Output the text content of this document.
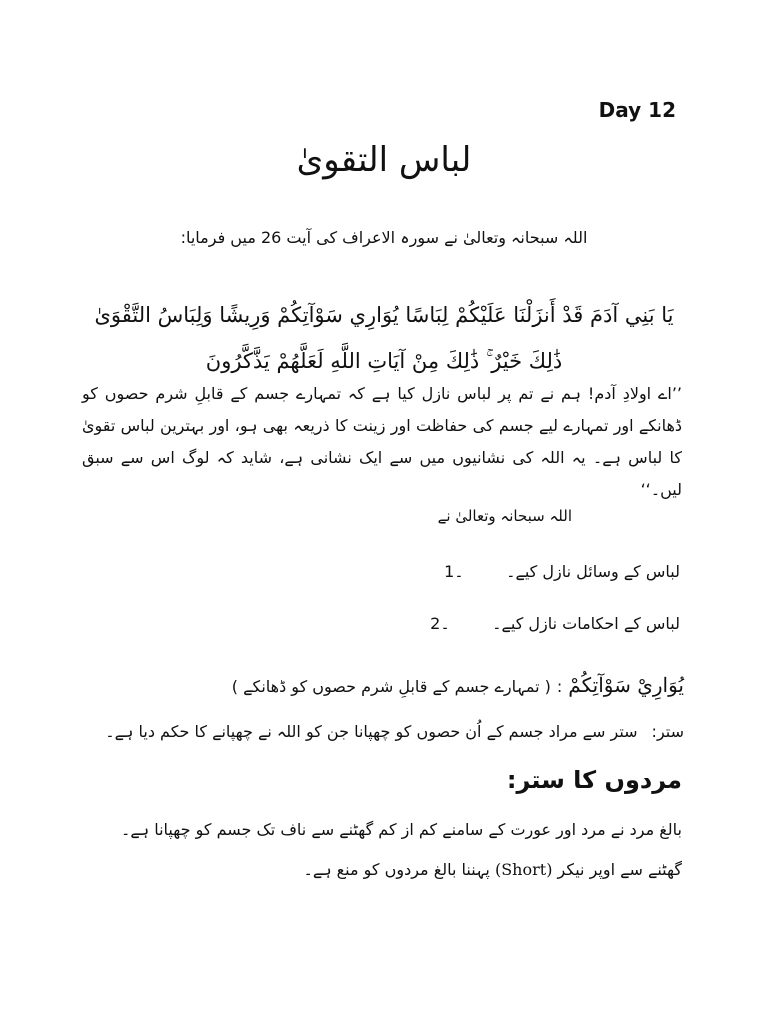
Day 12
لباس التقویٰ
اللہ سبحانہ وتعالیٰ نے سورہ الاعراف کی آیت 26 میں فرمایا:
يَا بَنِي آدَمَ قَدْ أَنزَلْنَا عَلَيْكُمْ لِبَاسًا يُوَارِي سَوْآتِكُمْ وَرِيشًا وَلِبَاسُ التَّقْوَىٰ ذَٰلِكَ خَيْرٌ ۚ ذَٰلِكَ مِنْ آيَاتِ اللَّهِ لَعَلَّهُمْ يَذَّكَّرُونَ
’’اے اولادِ آدم! ہم نے تم پر لباس نازل کیا ہے کہ تمہارے جسم کے قابلِ شرم حصوں کو ڈھانکے اور تمہارے لیے جسم کی حفاظت اور زینت کا ذریعہ بھی ہو، اور بہترین لباس تقویٰ کا لباس ہے۔ یہ اللہ کی نشانیوں میں سے ایک نشانی ہے، شاید کہ لوگ اس سے سبق لیں۔‘‘
اللہ سبحانہ وتعالیٰ نے
لباس کے وسائل نازل کیے۔
1۔
لباس کے احکامات نازل کیے۔
2۔
يُوَارِيْ سَوْآتِكُمْ
:
( تمہارے جسم کے قابلِ شرم حصوں کو ڈھانکے )
ستر:
ستر سے مراد جسم کے اُن حصوں کو چھپانا جن کو اللہ نے چھپانے کا حکم دیا ہے۔
مردوں کا ستر:
بالغ مرد نے مرد اور عورت کے سامنے کم از کم گھٹنے سے ناف تک جسم کو چھپانا ہے۔ گھٹنے سے اوپر نیکر (Short) پہننا بالغ مردوں کو منع ہے۔
